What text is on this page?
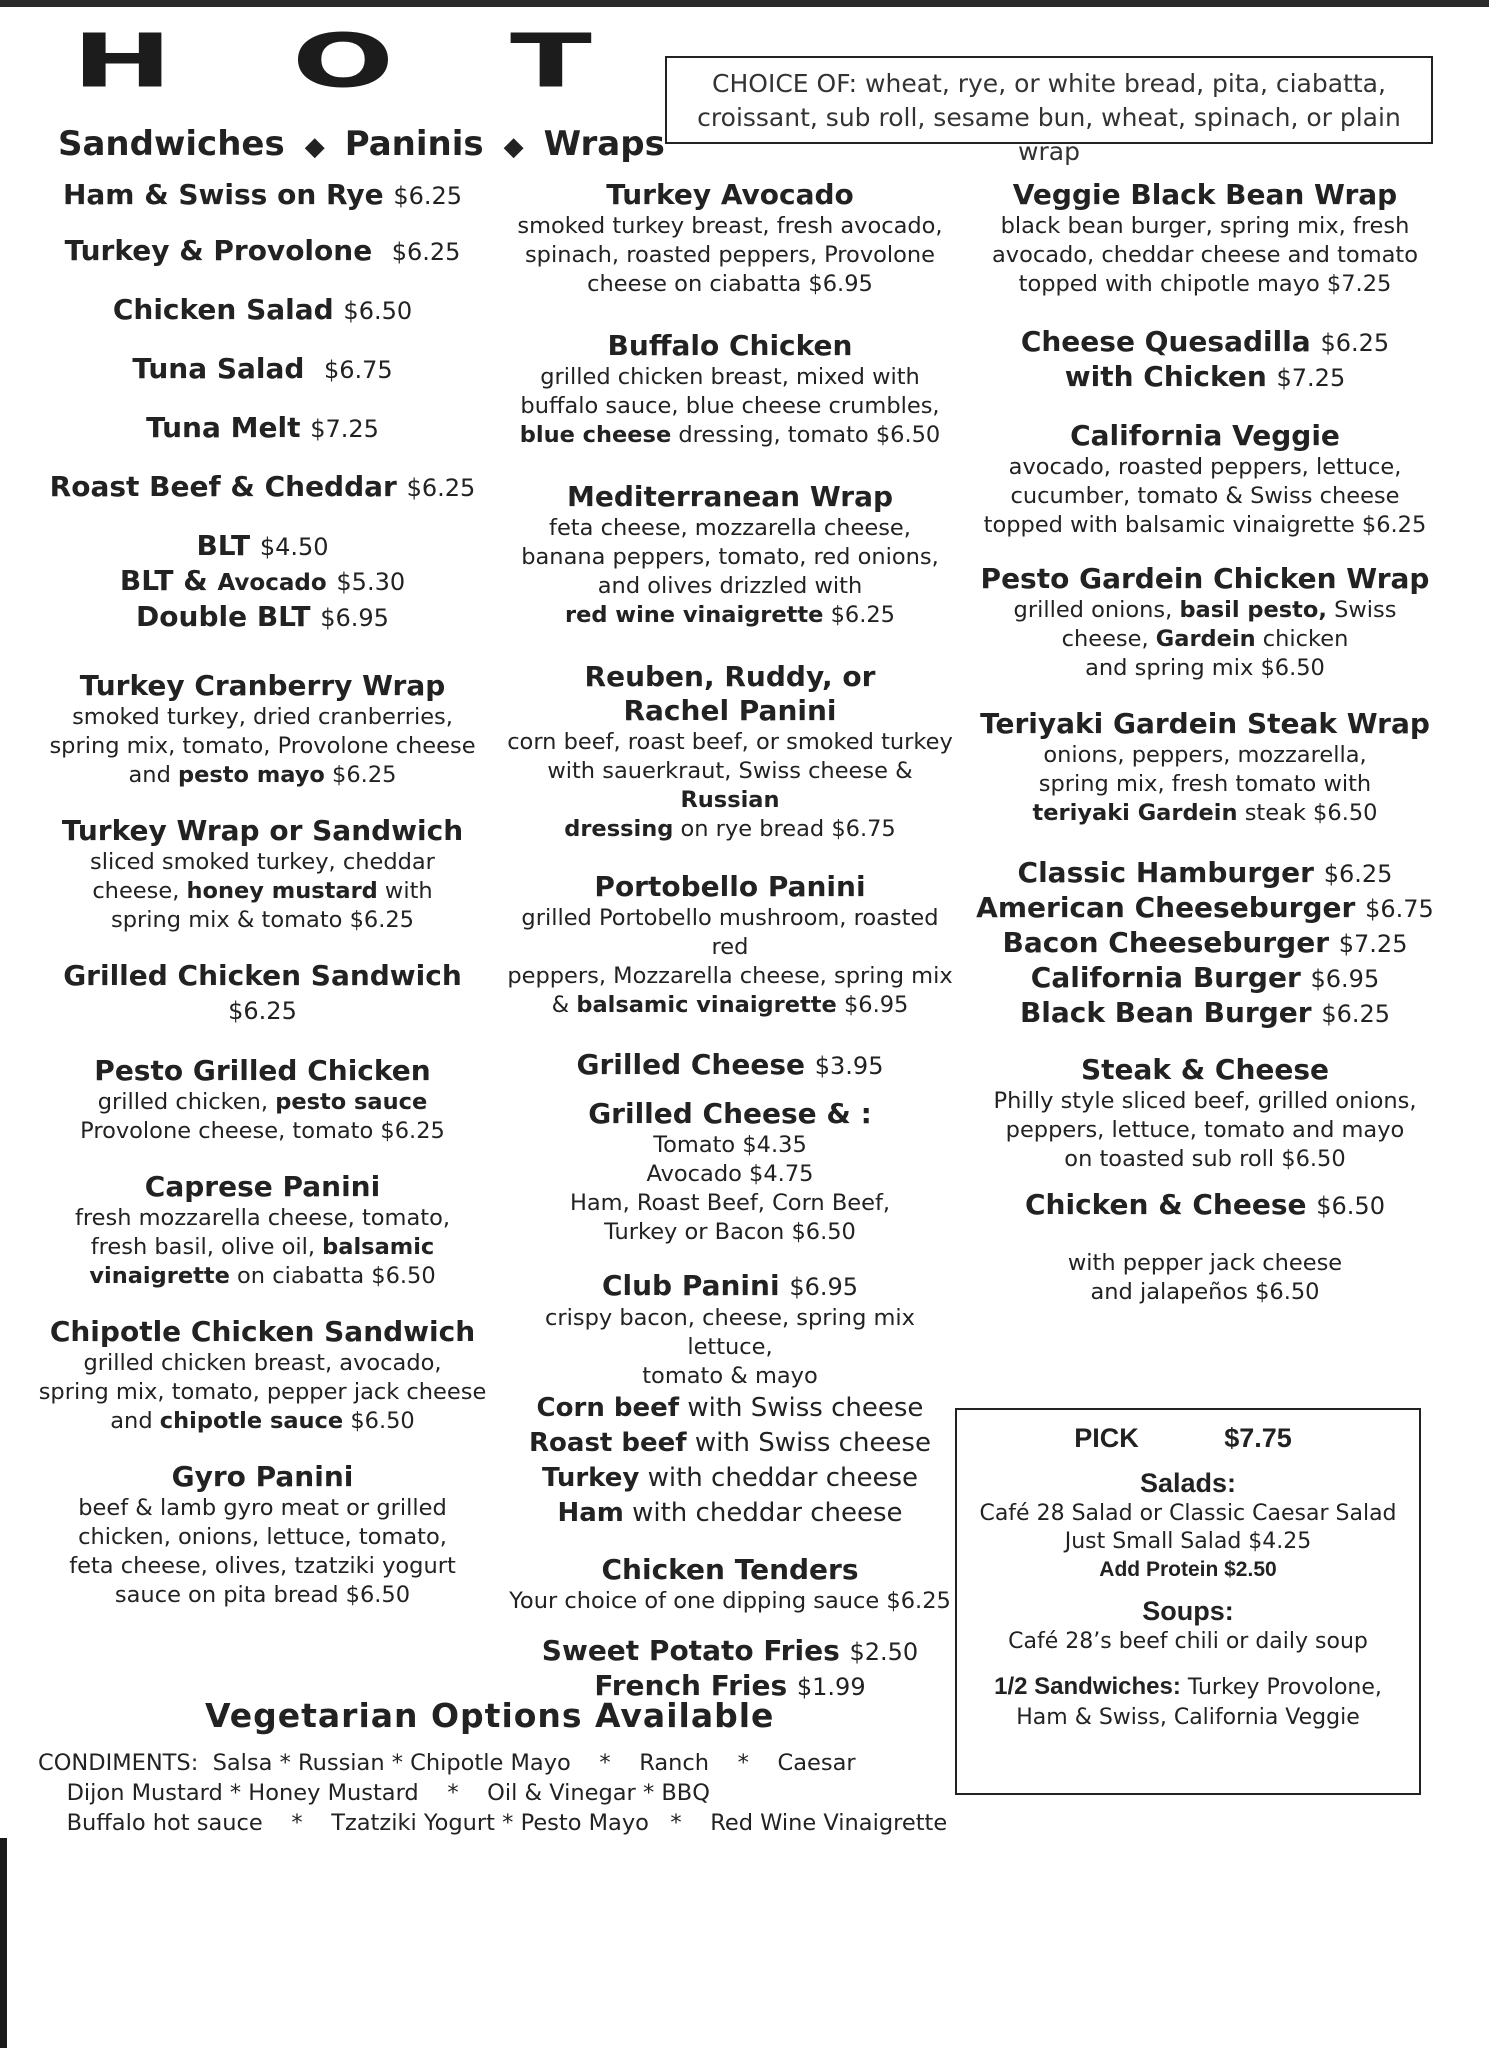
H O T
Sandwiches ◆ Paninis ◆ Wraps
CHOICE OF: wheat, rye, or white bread, pita, ciabatta,
croissant, sub roll, sesame bun, wheat, spinach, or plain wrap
Ham & Swiss on Rye $6.25
Turkey & Provolone $6.25
Chicken Salad $6.50
Tuna Salad $6.75
Tuna Melt $7.25
Roast Beef & Cheddar $6.25
BLT $4.50
BLT & Avocado $5.30
Double BLT $6.95
Turkey Cranberry Wrap
smoked turkey, dried cranberries,
spring mix, tomato, Provolone cheese
and pesto mayo $6.25
Turkey Wrap or Sandwich
sliced smoked turkey, cheddar
cheese, honey mustard with
spring mix & tomato $6.25
Grilled Chicken Sandwich $6.25
Pesto Grilled Chicken
grilled chicken, pesto sauce
Provolone cheese, tomato $6.25
Caprese Panini
fresh mozzarella cheese, tomato,
fresh basil, olive oil, balsamic
vinaigrette on ciabatta $6.50
Chipotle Chicken Sandwich
grilled chicken breast, avocado,
spring mix, tomato, pepper jack cheese
and chipotle sauce $6.50
Gyro Panini
beef & lamb gyro meat or grilled
chicken, onions, lettuce, tomato,
feta cheese, olives, tzatziki yogurt
sauce on pita bread $6.50
Turkey Avocado
smoked turkey breast, fresh avocado,
spinach, roasted peppers, Provolone
cheese on ciabatta $6.95
Buffalo Chicken
grilled chicken breast, mixed with
buffalo sauce, blue cheese crumbles,
blue cheese dressing, tomato $6.50
Mediterranean Wrap
feta cheese, mozzarella cheese,
banana peppers, tomato, red onions,
and olives drizzled with
red wine vinaigrette $6.25
Reuben, Ruddy, or
Rachel Panini
corn beef, roast beef, or smoked turkey
with sauerkraut, Swiss cheese & Russian
dressing on rye bread $6.75
Portobello Panini
grilled Portobello mushroom, roasted red
peppers, Mozzarella cheese, spring mix
& balsamic vinaigrette $6.95
Grilled Cheese $3.95
Grilled Cheese & :
Tomato $4.35
Avocado $4.75
Ham, Roast Beef, Corn Beef,
Turkey or Bacon $6.50
Club Panini $6.95
crispy bacon, cheese, spring mix lettuce,
tomato & mayo
Corn beef with Swiss cheese
Roast beef with Swiss cheese
Turkey with cheddar cheese
Ham with cheddar cheese
Chicken Tenders
Your choice of one dipping sauce $6.25
Sweet Potato Fries $2.50
French Fries $1.99
Veggie Black Bean Wrap
black bean burger, spring mix, fresh
avocado, cheddar cheese and tomato
topped with chipotle mayo $7.25
Cheese Quesadilla $6.25
with Chicken $7.25
California Veggie
avocado, roasted peppers, lettuce,
cucumber, tomato & Swiss cheese
topped with balsamic vinaigrette $6.25
Pesto Gardein Chicken Wrap
grilled onions, basil pesto, Swiss
cheese, Gardein chicken
and spring mix $6.50
Teriyaki Gardein Steak Wrap
onions, peppers, mozzarella,
spring mix, fresh tomato with
teriyaki Gardein steak $6.50
Classic Hamburger $6.25
American Cheeseburger $6.75
Bacon Cheeseburger $7.25
California Burger $6.95
Black Bean Burger $6.25
Steak & Cheese
Philly style sliced beef, grilled onions,
peppers, lettuce, tomato and mayo
on toasted sub roll $6.50
Chicken & Cheese $6.50
with pepper jack cheese
and jalapeños $6.50
PICK	$7.75
Salads:
Café 28 Salad or Classic Caesar Salad
Just Small Salad $4.25
Add Protein $2.50
Soups:
Café 28’s beef chili or daily soup
1/2 Sandwiches: Turkey Provolone,
Ham & Swiss, California Veggie
Vegetarian Options Available
CONDIMENTS:  Salsa * Russian * Chipotle Mayo    *    Ranch    *    Caesar
Dijon Mustard * Honey Mustard    *    Oil & Vinegar * BBQ
Buffalo hot sauce    *    Tzatziki Yogurt * Pesto Mayo   *    Red Wine Vinaigrette
